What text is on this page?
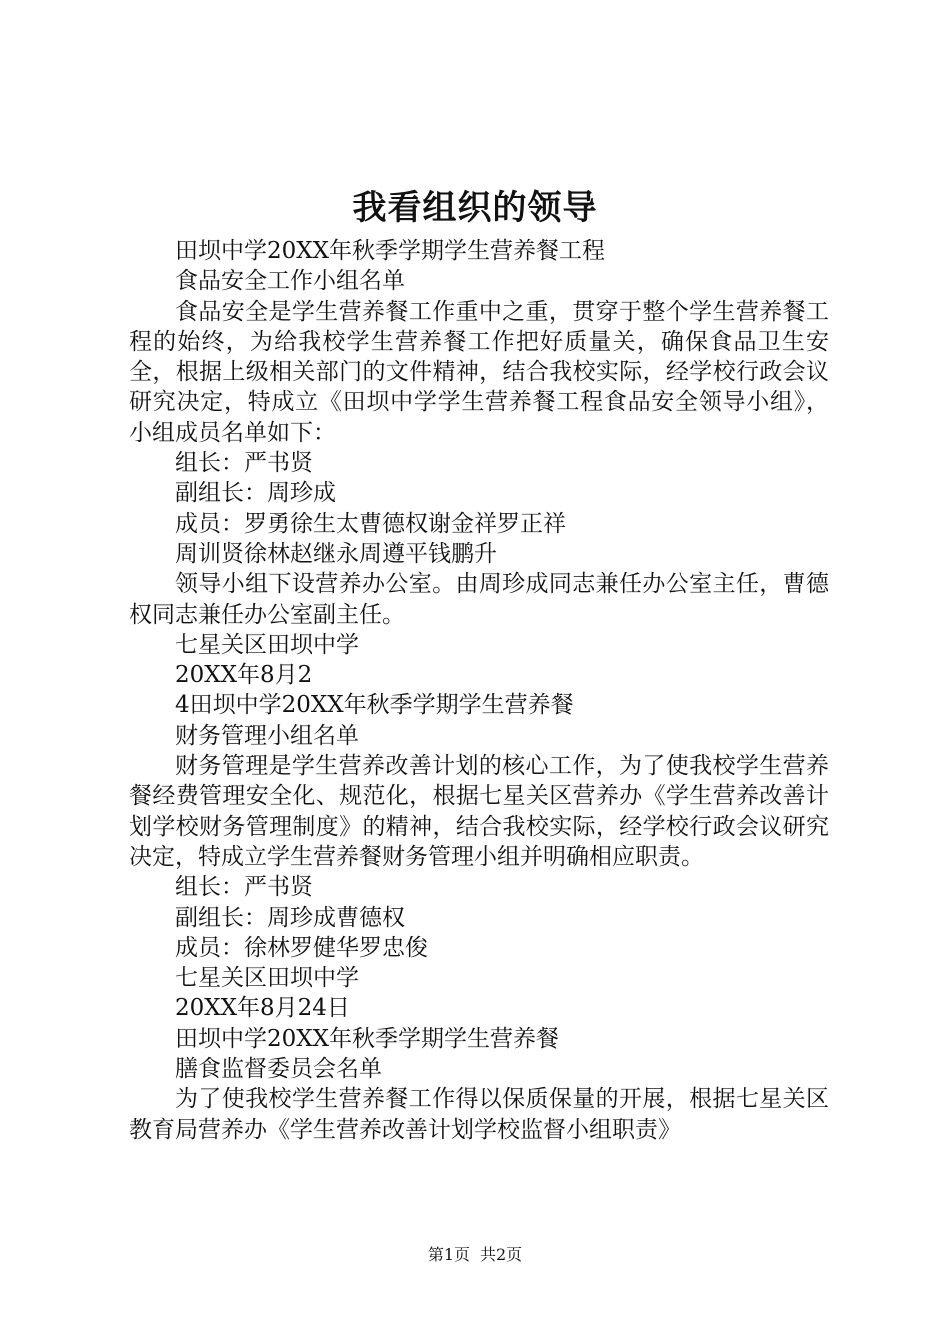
我看组织的领导

田坝中学20XX年秋季学期学生营养餐工程

食品安全工作小组名单

食品安全是学生营养餐工作重中之重，贯穿于整个学生营养餐工程的始终，为给我校学生营养餐工作把好质量关，确保食品卫生安全，根据上级相关部门的文件精神，结合我校实际，经学校行政会议研究决定，特成立《田坝中学学生营养餐工程食品安全领导小组》，小组成员名单如下：

组长：严书贤

副组长：周珍成

成员：罗勇徐生太曹德权谢金祥罗正祥

周训贤徐林赵继永周遵平钱鹏升

领导小组下设营养办公室。由周珍成同志兼任办公室主任，曹德权同志兼任办公室副主任。

七星关区田坝中学

20XX年8月2

4田坝中学20XX年秋季学期学生营养餐

财务管理小组名单

财务管理是学生营养改善计划的核心工作，为了使我校学生营养餐经费管理安全化、规范化，根据七星关区营养办《学生营养改善计划学校财务管理制度》的精神，结合我校实际，经学校行政会议研究决定，特成立学生营养餐财务管理小组并明确相应职责。

组长：严书贤

副组长：周珍成曹德权

成员：徐林罗健华罗忠俊

七星关区田坝中学

20XX年8月24日

田坝中学20XX年秋季学期学生营养餐

膳食监督委员会名单

为了使我校学生营养餐工作得以保质保量的开展，根据七星关区教育局营养办《学生营养改善计划学校监督小组职责》

第1页 共2页
